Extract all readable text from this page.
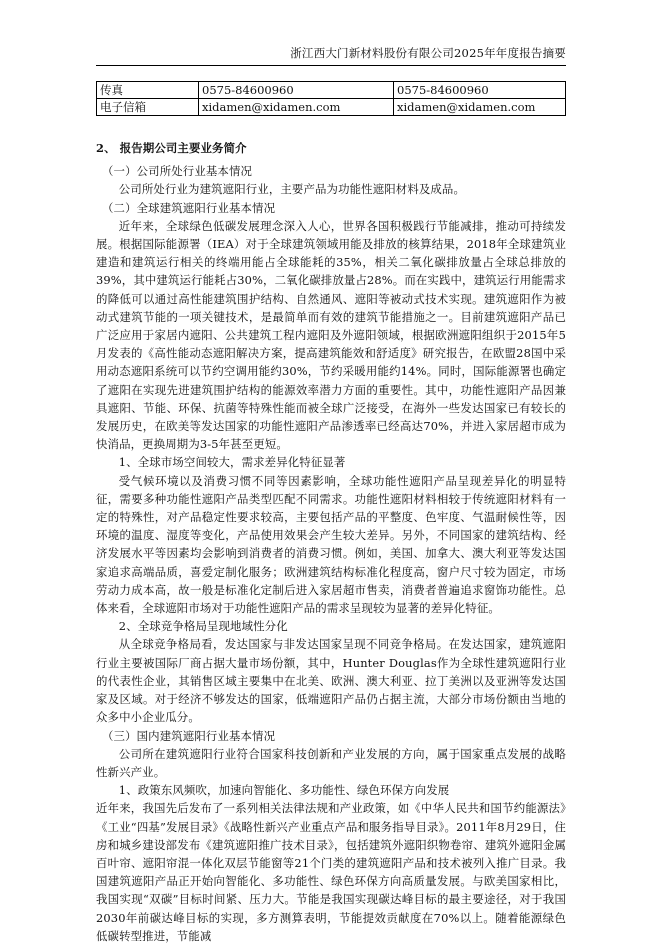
浙江西大门新材料股份有限公司2025年年度报告摘要
传真	0575-84600960	0575-84600960
电子信箱	xidamen@xidamen.com	xidamen@xidamen.com

2、 报告期公司主要业务简介

（一）公司所处行业基本情况

公司所处行业为建筑遮阳行业，主要产品为功能性遮阳材料及成品。

（二）全球建筑遮阳行业基本情况

近年来，全球绿色低碳发展理念深入人心，世界各国积极践行节能减排，推动可持续发展。根据国际能源署（IEA）对于全球建筑领域用能及排放的核算结果，2018年全球建筑业建造和建筑运行相关的终端用能占全球能耗的35%，相关二氧化碳排放量占全球总排放的39%，其中建筑运行能耗占30%，二氧化碳排放量占28%。而在实践中，建筑运行用能需求的降低可以通过高性能建筑围护结构、自然通风、遮阳等被动式技术实现。建筑遮阳作为被动式建筑节能的一项关键技术，是最简单而有效的建筑节能措施之一。目前建筑遮阳产品已广泛应用于家居内遮阳、公共建筑工程内遮阳及外遮阳领域，根据欧洲遮阳组织于2015年5月发表的《高性能动态遮阳解决方案，提高建筑能效和舒适度》研究报告，在欧盟28国中采用动态遮阳系统可以节约空调用能约30%，节约采暖用能约14%。同时，国际能源署也确定了遮阳在实现先进建筑围护结构的能源效率潜力方面的重要性。其中，功能性遮阳产品因兼具遮阳、节能、环保、抗菌等特殊性能而被全球广泛接受，在海外一些发达国家已有较长的发展历史，在欧美等发达国家的功能性遮阳产品渗透率已经高达70%，并进入家居超市成为快消品，更换周期为3-5年甚至更短。

1、全球市场空间较大，需求差异化特征显著

受气候环境以及消费习惯不同等因素影响，全球功能性遮阳产品呈现差异化的明显特征，需要多种功能性遮阳产品类型匹配不同需求。功能性遮阳材料相较于传统遮阳材料有一定的特殊性，对产品稳定性要求较高，主要包括产品的平整度、色牢度、气温耐候性等，因环境的温度、湿度等变化，产品使用效果会产生较大差异。另外，不同国家的建筑结构、经济发展水平等因素均会影响到消费者的消费习惯。例如，美国、加拿大、澳大利亚等发达国家追求高端品质，喜爱定制化服务；欧洲建筑结构标准化程度高，窗户尺寸较为固定，市场劳动力成本高，故一般是标准化定制后进入家居超市售卖，消费者普遍追求窗饰功能性。总体来看，全球遮阳市场对于功能性遮阳产品的需求呈现较为显著的差异化特征。

2、全球竞争格局呈现地域性分化

从全球竞争格局看，发达国家与非发达国家呈现不同竞争格局。在发达国家，建筑遮阳行业主要被国际厂商占据大量市场份额，其中，Hunter Douglas作为全球性建筑遮阳行业的代表性企业，其销售区域主要集中在北美、欧洲、澳大利亚、拉丁美洲以及亚洲等发达国家及区域。对于经济不够发达的国家，低端遮阳产品仍占据主流，大部分市场份额由当地的众多中小企业瓜分。

（三）国内建筑遮阳行业基本情况

公司所在建筑遮阳行业符合国家科技创新和产业发展的方向，属于国家重点发展的战略性新兴产业。

1、政策东风频吹，加速向智能化、多功能性、绿色环保方向发展

近年来，我国先后发布了一系列相关法律法规和产业政策，如《中华人民共和国节约能源法》《工业“四基”发展目录》《战略性新兴产业重点产品和服务指导目录》。2011年8月29日，住房和城乡建设部发布《建筑遮阳推广技术目录》，包括建筑外遮阳织物卷帘、建筑外遮阳金属百叶帘、遮阳帘混一体化双层节能窗等21个门类的建筑遮阳产品和技术被列入推广目录。我国建筑遮阳产品正开始向智能化、多功能性、绿色环保方向高质量发展。与欧美国家相比，我国实现“双碳”目标时间紧、压力大。节能是我国实现碳达峰目标的最主要途径，对于我国2030年前碳达峰目标的实现，多方测算表明，节能提效贡献度在70%以上。随着能源绿色低碳转型推进，节能减
